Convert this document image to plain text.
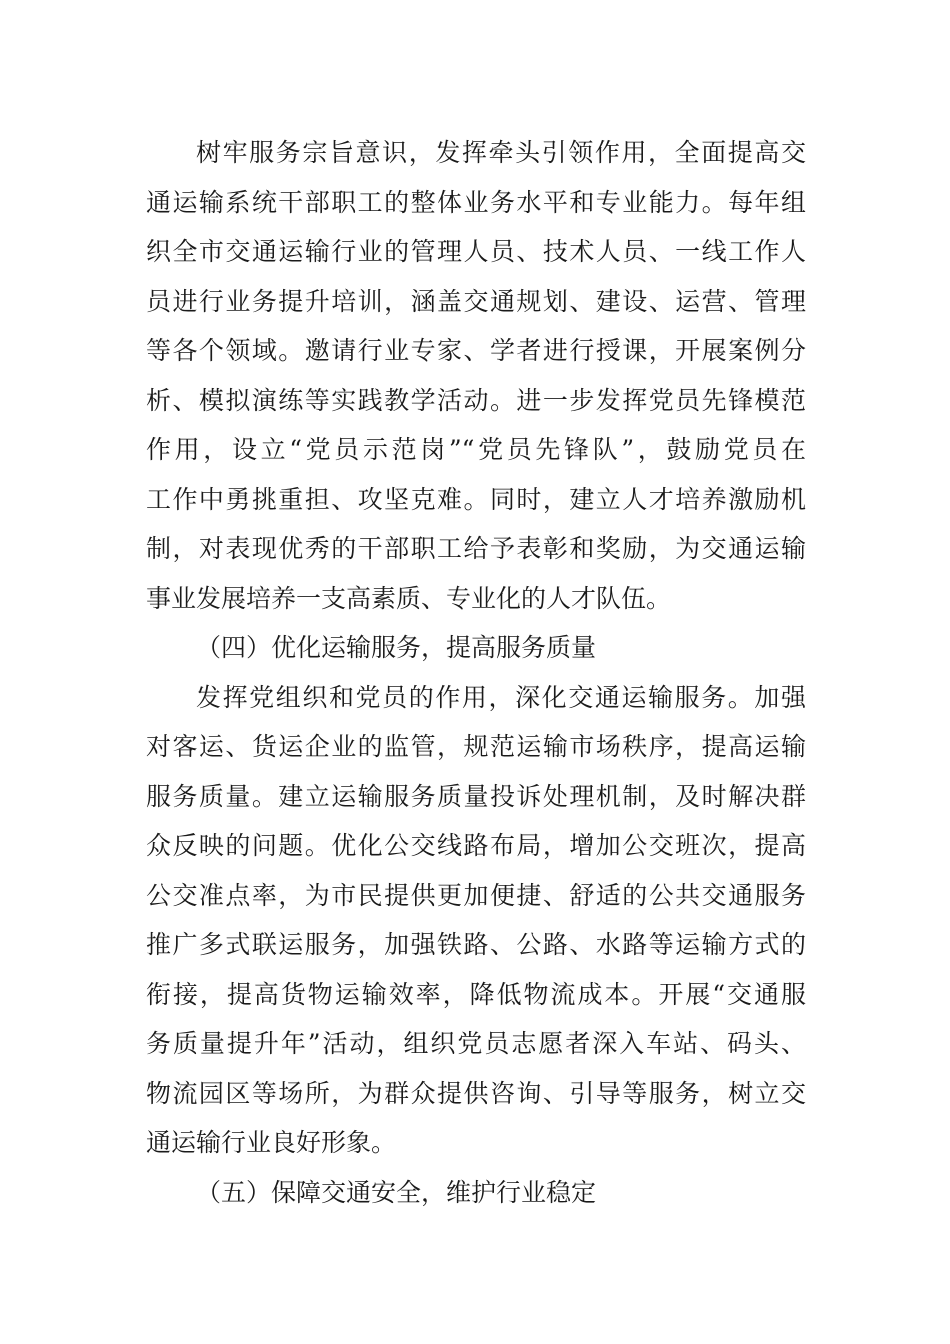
树牢服务宗旨意识，发挥牵头引领作用，全面提高交
通运输系统干部职工的整体业务水平和专业能力。每年组
织全市交通运输行业的管理人员、技术人员、一线工作人
员进行业务提升培训，涵盖交通规划、建设、运营、管理
等各个领域。邀请行业专家、学者进行授课，开展案例分
析、模拟演练等实践教学活动。进一步发挥党员先锋模范
作用，设立“党员示范岗”“党员先锋队”，鼓励党员在
工作中勇挑重担、攻坚克难。同时，建立人才培养激励机
制，对表现优秀的干部职工给予表彰和奖励，为交通运输
事业发展培养一支高素质、专业化的人才队伍。
（四）优化运输服务，提高服务质量
发挥党组织和党员的作用，深化交通运输服务。加强
对客运、货运企业的监管，规范运输市场秩序，提高运输
服务质量。建立运输服务质量投诉处理机制，及时解决群
众反映的问题。优化公交线路布局，增加公交班次，提高
公交准点率，为市民提供更加便捷、舒适的公共交通服务
推广多式联运服务，加强铁路、公路、水路等运输方式的
衔接，提高货物运输效率，降低物流成本。开展“交通服
务质量提升年”活动，组织党员志愿者深入车站、码头、
物流园区等场所，为群众提供咨询、引导等服务，树立交
通运输行业良好形象。
（五）保障交通安全，维护行业稳定
